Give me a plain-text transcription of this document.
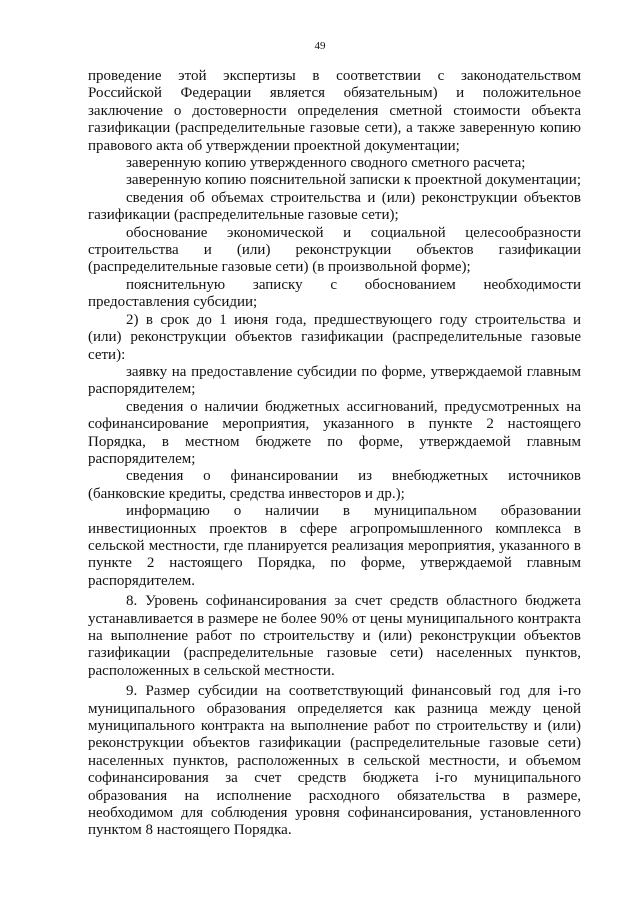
49

проведение этой экспертизы в соответствии с законодательством Российской Федерации является обязательным) и положительное заключение о достоверности определения сметной стоимости объекта газификации (распределительные газовые сети), а также заверенную копию правового акта об утверждении проектной документации;

заверенную копию утвержденного сводного сметного расчета;

заверенную копию пояснительной записки к проектной документации;

сведения об объемах строительства и (или) реконструкции объектов газификации (распределительные газовые сети);

обоснование экономической и социальной целесообразности строительства и (или) реконструкции объектов газификации (распределительные газовые сети) (в произвольной форме);

пояснительную записку с обоснованием необходимости предоставления субсидии;

2) в срок до 1 июня года, предшествующего году строительства и (или) реконструкции объектов газификации (распределительные газовые сети):

заявку на предоставление субсидии по форме, утверждаемой главным распорядителем;

сведения о наличии бюджетных ассигнований, предусмотренных на софинансирование мероприятия, указанного в пункте 2 настоящего Порядка, в местном бюджете по форме, утверждаемой главным распорядителем;

сведения о финансировании из внебюджетных источников (банковские кредиты, средства инвесторов и др.);

информацию о наличии в муниципальном образовании инвестиционных проектов в сфере агропромышленного комплекса в сельской местности, где планируется реализация мероприятия, указанного в пункте 2 настоящего Порядка, по форме, утверждаемой главным распорядителем.

8. Уровень софинансирования за счет средств областного бюджета устанавливается в размере не более 90% от цены муниципального контракта на выполнение работ по строительству и (или) реконструкции объектов газификации (распределительные газовые сети) населенных пунктов, расположенных в сельской местности.

9. Размер субсидии на соответствующий финансовый год для i-го муниципального образования определяется как разница между ценой муниципального контракта на выполнение работ по строительству и (или) реконструкции объектов газификации (распределительные газовые сети) населенных пунктов, расположенных в сельской местности, и объемом софинансирования за счет средств бюджета i-го муниципального образования на исполнение расходного обязательства в размере, необходимом для соблюдения уровня софинансирования, установленного пунктом 8 настоящего Порядка.
